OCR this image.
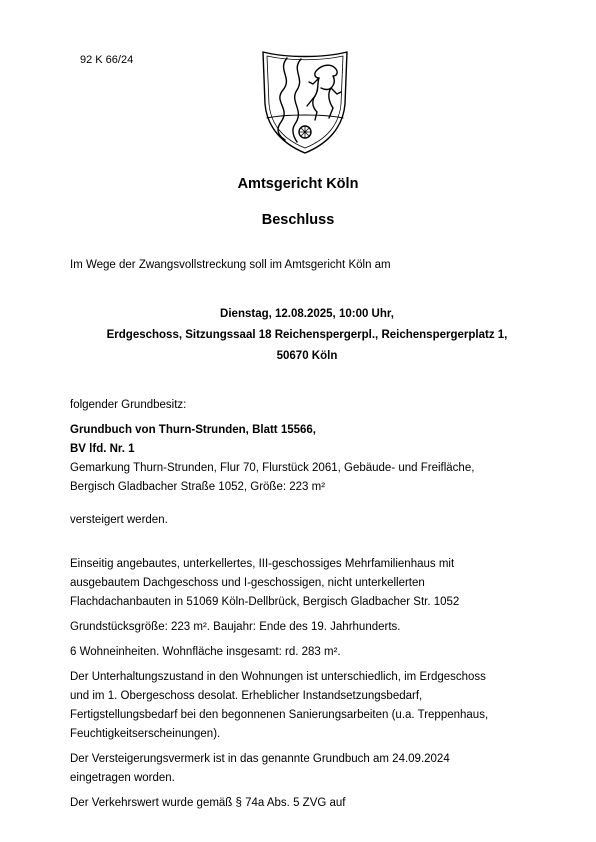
92 K 66/24
Amtsgericht Köln
Beschluss
Im Wege der Zwangsvollstreckung soll im Amtsgericht Köln am
Dienstag, 12.08.2025, 10:00 Uhr,
Erdgeschoss, Sitzungssaal 18 Reichenspergerpl., Reichenspergerplatz 1,
50670 Köln
folgender Grundbesitz:
Grundbuch von Thurn-Strunden, Blatt 15566,
BV lfd. Nr. 1
Gemarkung Thurn-Strunden, Flur 70, Flurstück 2061, Gebäude- und Freifläche,
Bergisch Gladbacher Straße 1052, Größe: 223 m²
versteigert werden.

Einseitig angebautes, unterkellertes, III-geschossiges Mehrfamilienhaus mit
ausgebautem Dachgeschoss und I-geschossigen, nicht unterkellerten
Flachdachanbauten in 51069 Köln-Dellbrück, Bergisch Gladbacher Str. 1052

Grundstücksgröße: 223 m². Baujahr: Ende des 19. Jahrhunderts.

6 Wohneinheiten. Wohnfläche insgesamt: rd. 283 m².

Der Unterhaltungszustand in den Wohnungen ist unterschiedlich, im Erdgeschoss
und im 1. Obergeschoss desolat. Erheblicher Instandsetzungsbedarf,
Fertigstellungsbedarf bei den begonnenen Sanierungsarbeiten (u.a. Treppenhaus,
Feuchtigkeitserscheinungen).

Der Versteigerungsvermerk ist in das genannte Grundbuch am 24.09.2024
eingetragen worden.

Der Verkehrswert wurde gemäß § 74a Abs. 5 ZVG auf
